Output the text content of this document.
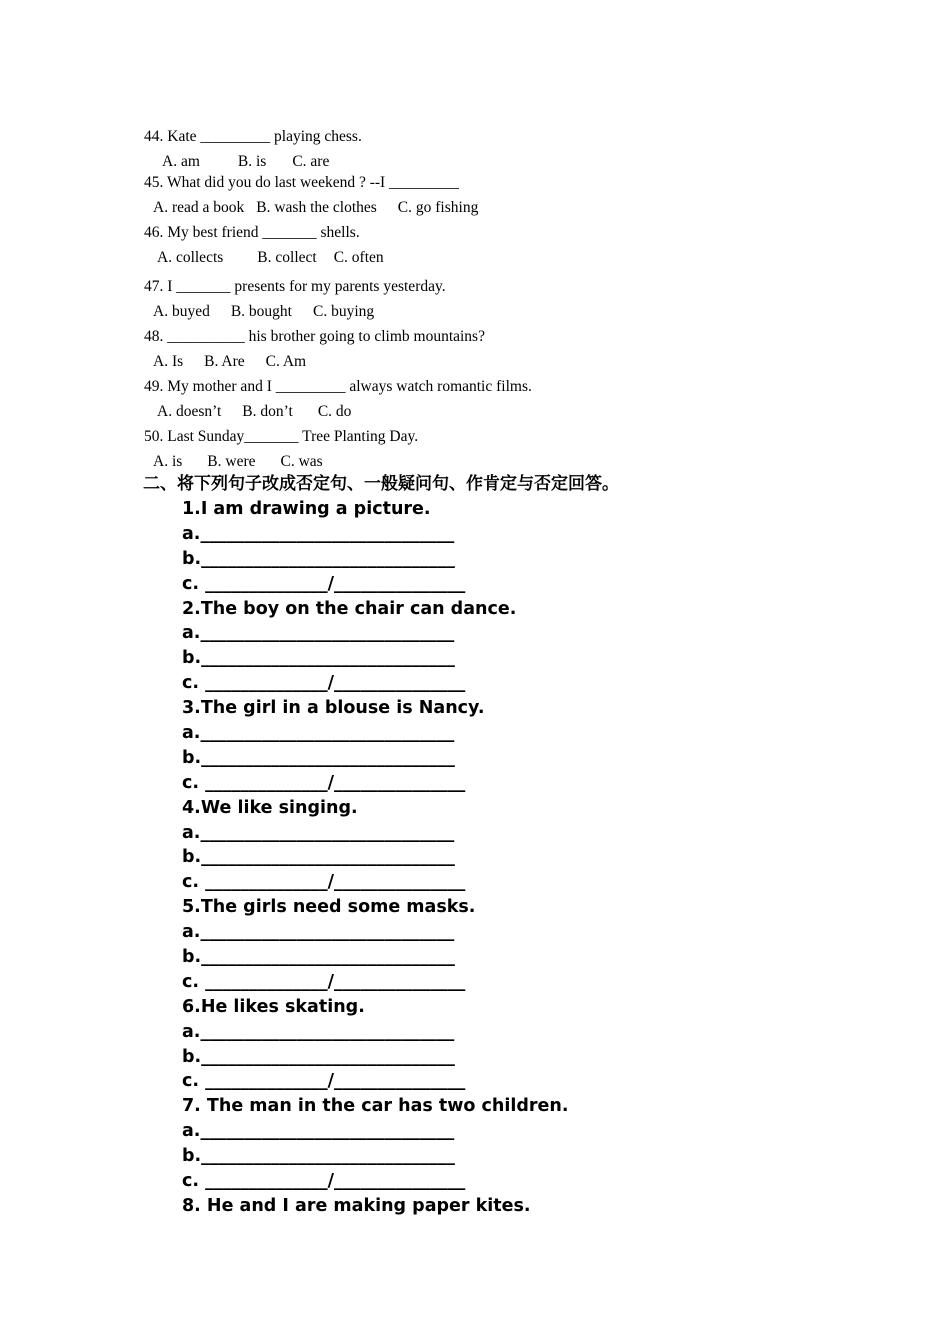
44. Kate _________ playing chess.
A. am B. is C. are
45. What did you do last weekend ? --I _________
A. read a book B. wash the clothes C. go fishing
46. My best friend _______ shells.
A. collects B. collect C. often
47. I _______ presents for my parents yesterday.
A. buyed B. bought C. buying
48. __________ his brother going to climb mountains?
A. Is B. Are C. Am
49. My mother and I _________ always watch romantic films.
A. doesn’t B. don’t C. do
50. Last Sunday_______ Tree Planting Day.
A. is B. were C. was
二、将下列句子改成否定句、一般疑问句、作肯定与否定回答。
1.I am drawing a picture.
a._____________________________
b._____________________________
c. ______________/_______________
2.The boy on the chair can dance.
a._____________________________
b._____________________________
c. ______________/_______________
3.The girl in a blouse is Nancy.
a._____________________________
b._____________________________
c. ______________/_______________
4.We like singing.
a._____________________________
b._____________________________
c. ______________/_______________
5.The girls need some masks.
a._____________________________
b._____________________________
c. ______________/_______________
6.He likes skating.
a._____________________________
b._____________________________
c. ______________/_______________
7. The man in the car has two children.
a._____________________________
b._____________________________
c. ______________/_______________
8. He and I are making paper kites.
